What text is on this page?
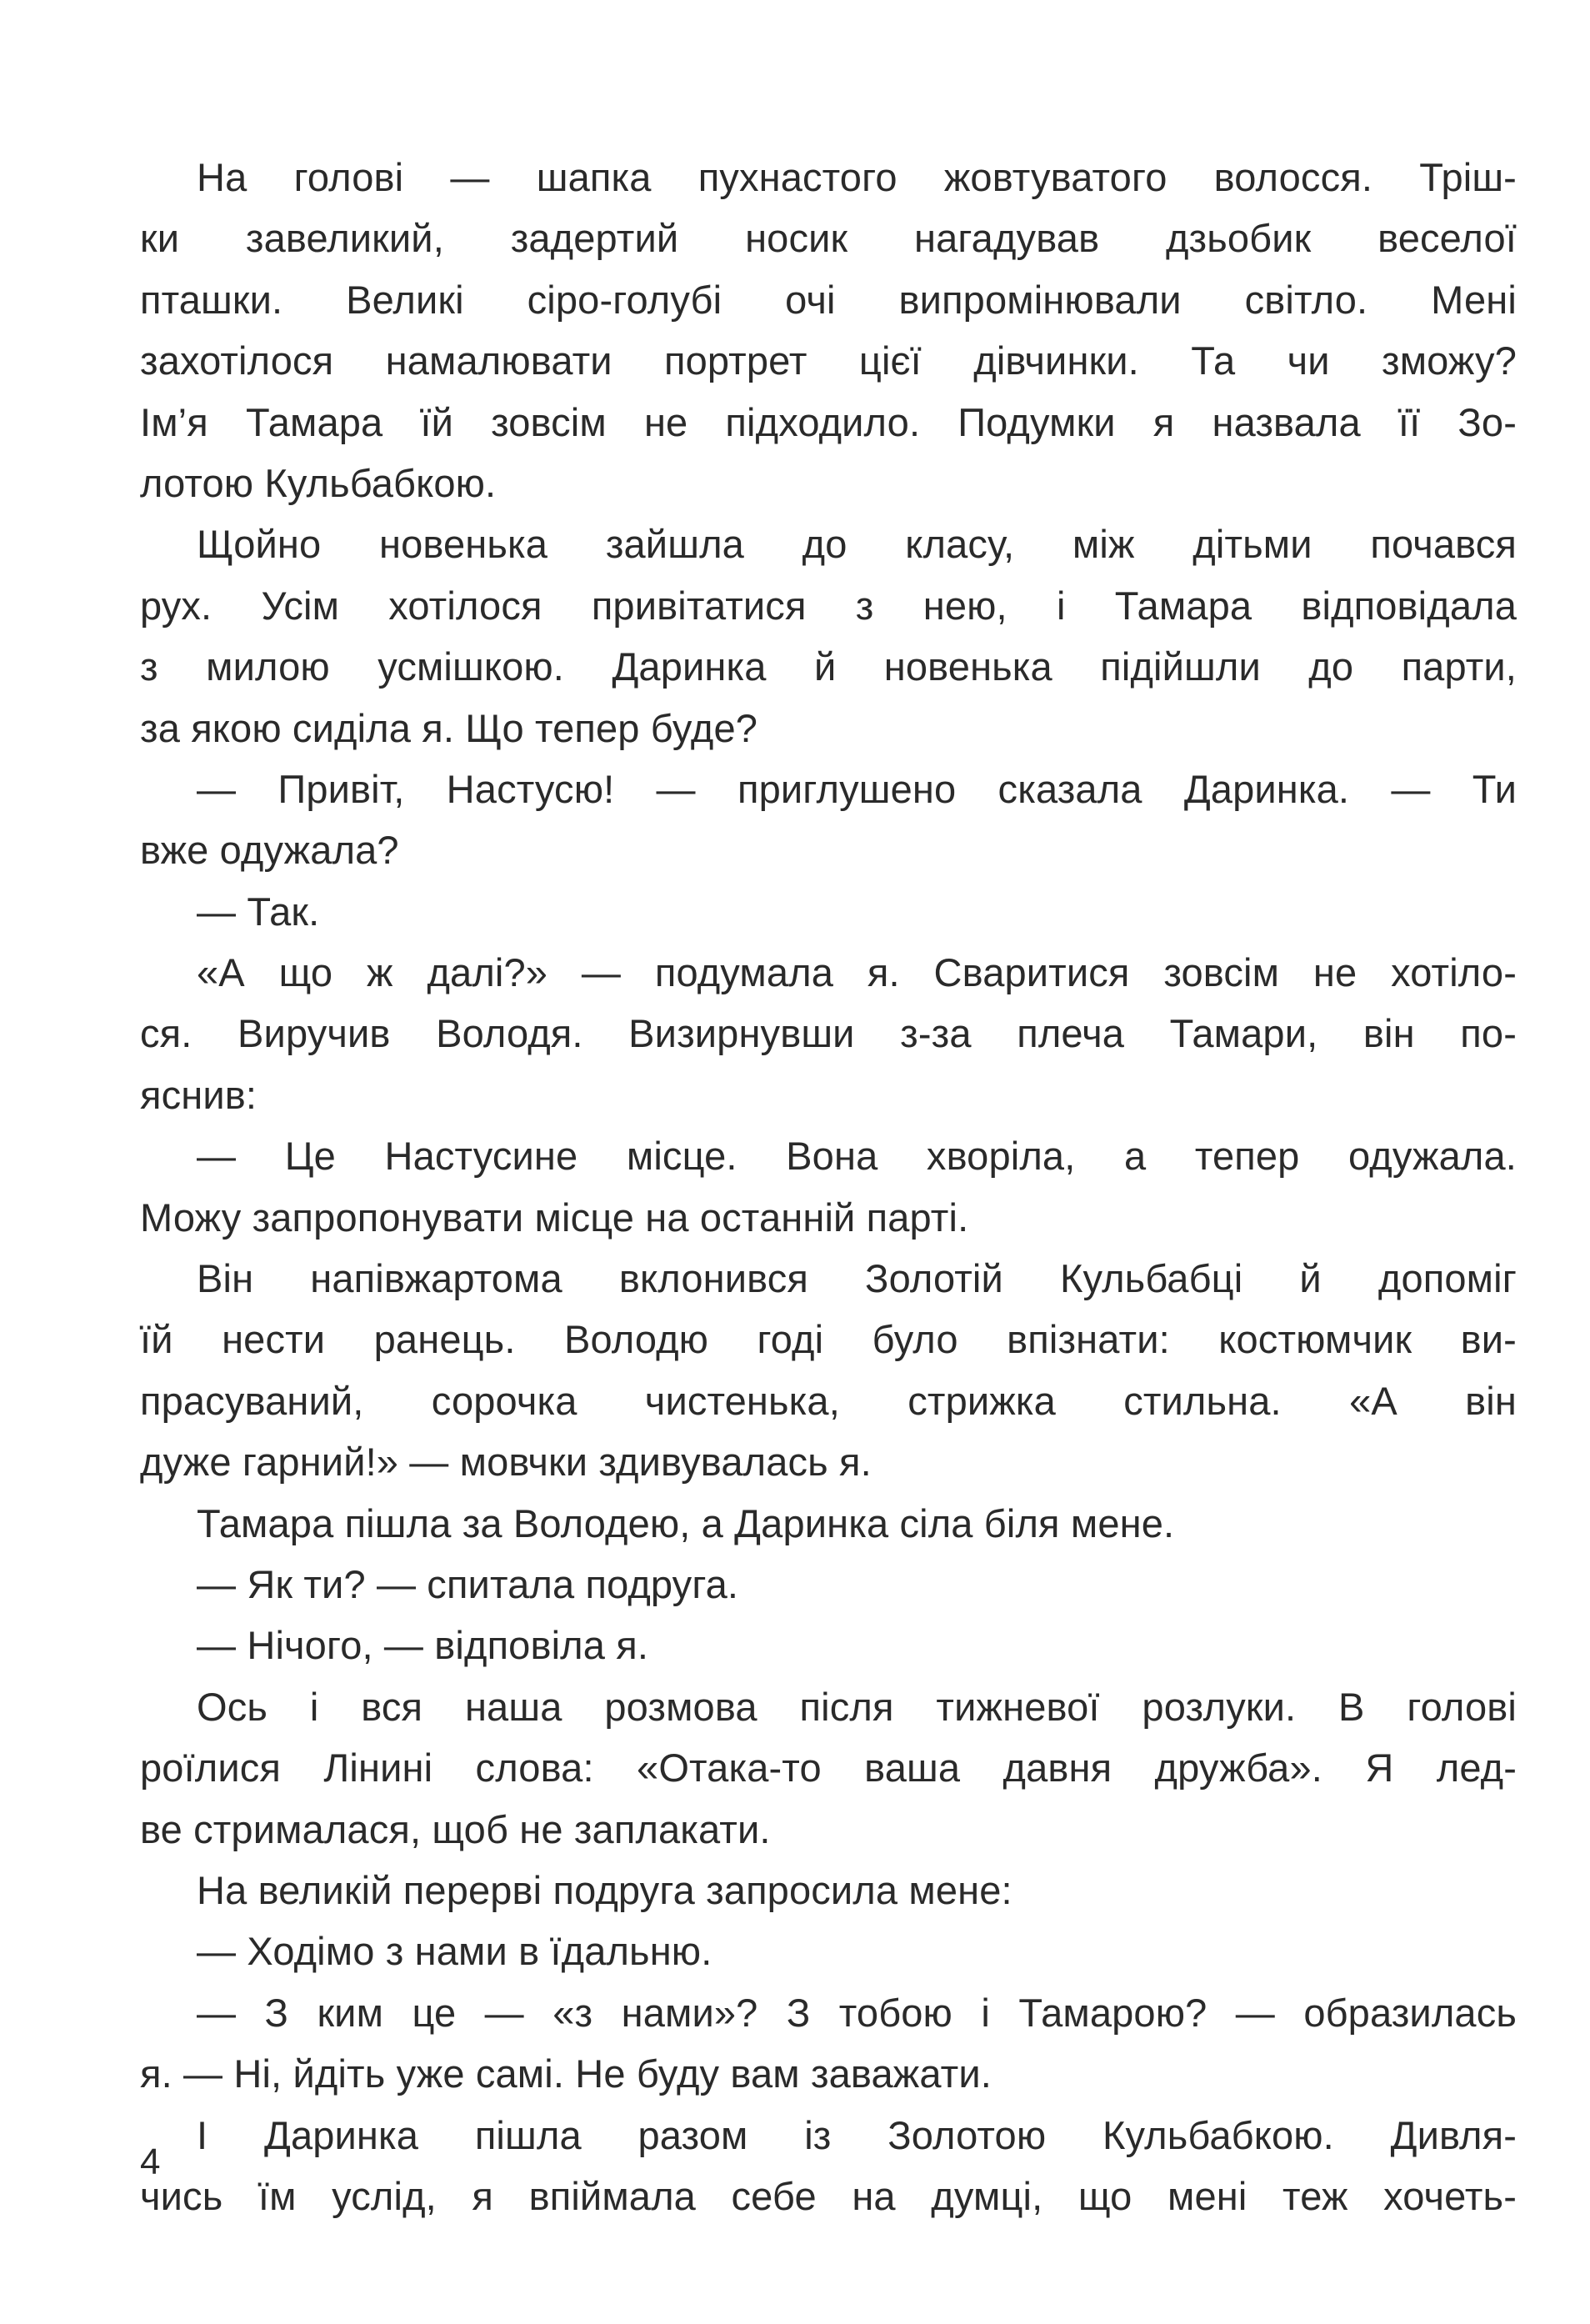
На голові — шапка пухнастого жовтуватого волосся. Тріш-
ки завеликий, задертий носик нагадував дзьобик веселої
пташки. Великі сіро-голубі очі випромінювали світло. Мені
захотілося намалювати портрет цієї дівчинки. Та чи зможу?
Ім’я Тамара їй зовсім не підходило. Подумки я назвала її Зо-
лотою Кульбабкою.
Щойно новенька зайшла до класу, між дітьми почався
рух. Усім хотілося привітатися з нею, і Тамара відповідала
з милою усмішкою. Даринка й новенька підійшли до парти,
за якою сиділа я. Що тепер буде?
— Привіт, Настусю! — приглушено сказала Даринка. — Ти
вже одужала?
— Так.
«А що ж далі?» — подумала я. Сваритися зовсім не хотіло-
ся. Виручив Володя. Визирнувши з-за плеча Тамари, він по-
яснив:
— Це Настусине місце. Вона хворіла, а тепер одужала.
Можу запропонувати місце на останній парті.
Він напівжартома вклонився Золотій Кульбабці й допоміг
їй нести ранець. Володю годі було впізнати: костюмчик ви-
прасуваний, сорочка чистенька, стрижка стильна. «А він
дуже гарний!» — мовчки здивувалась я.
Тамара пішла за Володею, а Даринка сіла біля мене.
— Як ти? — спитала подруга.
— Нічого, — відповіла я.
Ось і вся наша розмова після тижневої розлуки. В голові
роїлися Лінині слова: «Отака-то ваша давня дружба». Я лед-
ве стрималася, щоб не заплакати.
На великій перерві подруга запросила мене:
— Ходімо з нами в їдальню.
— З ким це — «з нами»? З тобою і Тамарою? — образилась
я. — Ні, йдіть уже самі. Не буду вам заважати.
І Даринка пішла разом із Золотою Кульбабкою. Дивля-
чись їм услід, я впіймала себе на думці, що мені теж хочеть-
4
